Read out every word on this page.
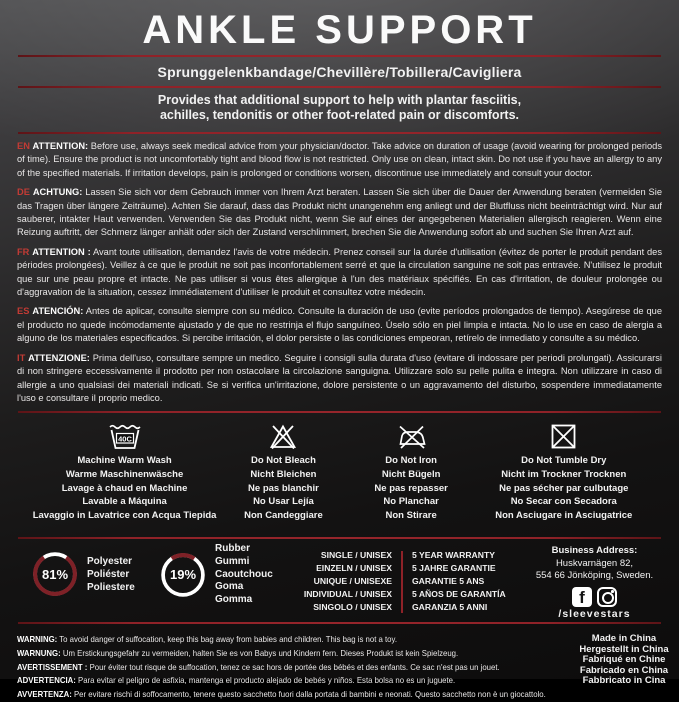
ANKLE SUPPORT
Sprunggelenkbandage/Chevillère/Tobillera/Cavigliera
Provides that additional support to help with plantar fasciitis,
achilles, tendonitis or other foot-related pain or discomforts.

EN ATTENTION: Before use, always seek medical advice from your physician/doctor. Take advice on duration of usage (avoid wearing for prolonged periods of time). Ensure the product is not uncomfortably tight and blood flow is not restricted. Only use on clean, intact skin. Do not use if you have an allergy to any of the specified materials. If irritation develops, pain is prolonged or conditions worsen, discontinue use immediately and consult your doctor.

DE ACHTUNG: Lassen Sie sich vor dem Gebrauch immer von Ihrem Arzt beraten. Lassen Sie sich über die Dauer der Anwendung beraten (vermeiden Sie das Tragen über längere Zeiträume). Achten Sie darauf, dass das Produkt nicht unangenehm eng anliegt und der Blutfluss nicht beeinträchtigt wird. Nur auf sauberer, intakter Haut verwenden. Verwenden Sie das Produkt nicht, wenn Sie auf eines der angegebenen Materialien allergisch reagieren. Wenn eine Reizung auftritt, der Schmerz länger anhält oder sich der Zustand verschlimmert, brechen Sie die Anwendung sofort ab und suchen Sie Ihren Arzt auf.

FR ATTENTION : Avant toute utilisation, demandez l'avis de votre médecin. Prenez conseil sur la durée d'utilisation (évitez de porter le produit pendant des périodes prolongées). Veillez à ce que le produit ne soit pas inconfortablement serré et que la circulation sanguine ne soit pas entravée. N'utilisez le produit que sur une peau propre et intacte. Ne pas utiliser si vous êtes allergique à l'un des matériaux spécifiés. En cas d'irritation, de douleur prolongée ou d'aggravation de la situation, cessez immédiatement d'utiliser le produit et consultez votre médecin.

ES ATENCIÓN: Antes de aplicar, consulte siempre con su médico. Consulte la duración de uso (evite períodos prolongados de tiempo). Asegúrese de que el producto no quede incómodamente ajustado y de que no restrinja el flujo sanguíneo. Úselo sólo en piel limpia e intacta. No lo use en caso de alergia a alguno de los materiales especificados. Si percibe irritación, el dolor persiste o las condiciones empeoran, retírelo de inmediato y consulte a su médico.

IT ATTENZIONE: Prima dell'uso, consultare sempre un medico. Seguire i consigli sulla durata d'uso (evitare di indossare per periodi prolungati). Assicurarsi di non stringere eccessivamente il prodotto per non ostacolare la circolazione sanguigna. Utilizzare solo su pelle pulita e integra. Non utilizzare in caso di allergie a uno qualsiasi dei materiali indicati. Se si verifica un'irritazione, dolore persistente o un aggravamento del disturbo, sospendere immediatamente l'uso e consultare il proprio medico.

40C
Machine Warm Wash
Warme Maschinenwäsche
Lavage à chaud en Machine
Lavable a Máquina
Lavaggio in Lavatrice con Acqua Tiepida
Do Not Bleach
Nicht Bleichen
Ne pas blanchir
No Usar Lejía
Non Candeggiare
Do Not Iron
Nicht Bügeln
Ne pas repasser
No Planchar
Non Stirare
Do Not Tumble Dry
Nicht im Trockner Trocknen
Ne pas sécher par culbutage
No Secar con Secadora
Non Asciugare in Asciugatrice
81%
Polyester
Poliéster
Poliestere
19%
Rubber
Gummi
Caoutchouc
Goma
Gomma
SINGLE / UNISEX
EINZELN / UNISEX
UNIQUE / UNISEXE
INDIVIDUAL / UNISEX
SINGOLO / UNISEX
5 YEAR WARRANTY
5 JAHRE GARANTIE
GARANTIE 5 ANS
5 AÑOS DE GARANTÍA
GARANZIA 5 ANNI
Business Address: Huskvarnägen 82,
554 66 Jönköping, Sweden.
f
/sleevestars
WARNING: To avoid danger of suffocation, keep this bag away from babies and children. This bag is not a toy.
WARNUNG: Um Erstickungsgefahr zu vermeiden, halten Sie es von Babys und Kindern fern. Dieses Produkt ist kein Spielzeug.
AVERTISSEMENT : Pour éviter tout risque de suffocation, tenez ce sac hors de portée des bébés et des enfants. Ce sac n'est pas un jouet.
ADVERTENCIA: Para evitar el peligro de asfixia, mantenga el producto alejado de bebés y niños. Esta bolsa no es un juguete.
AVVERTENZA: Per evitare rischi di soffocamento, tenere questo sacchetto fuori dalla portata di bambini e neonati. Questo sacchetto non è un giocattolo.
Made in China
Hergestellt in China
Fabriqué en Chine
Fabricado en China
Fabbricato in Cina
